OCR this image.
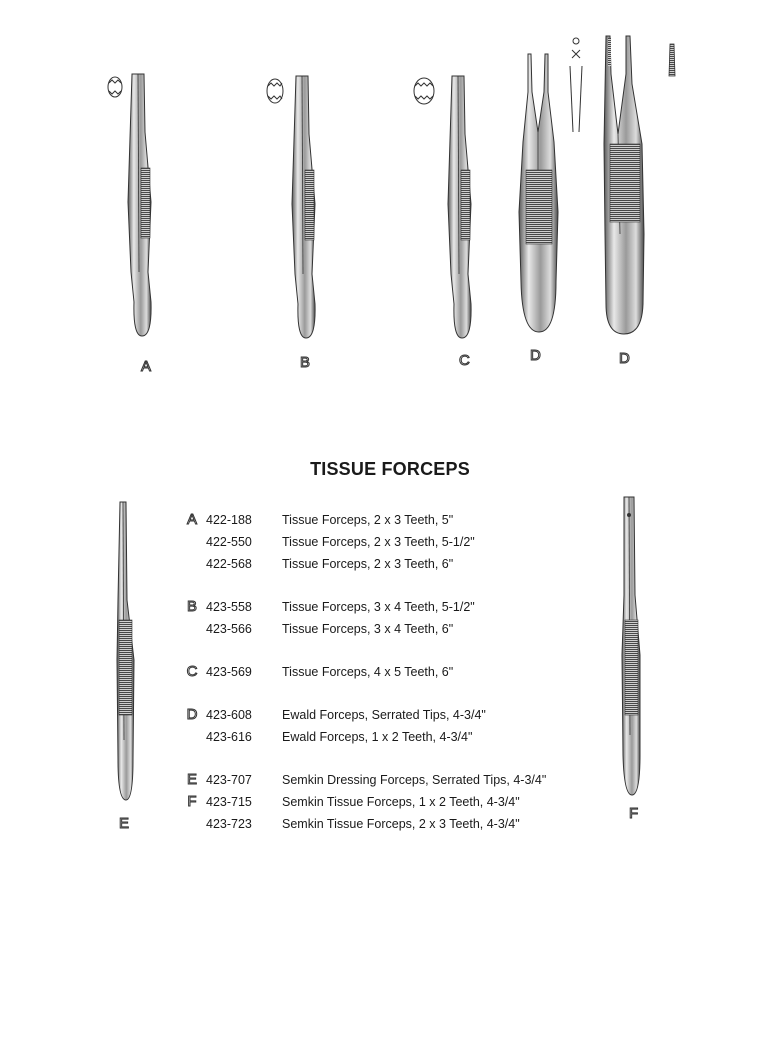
A	B	C	D	D
TISSUE FORCEPS
E
F
A 422-188	Tissue Forceps, 2 x 3 Teeth, 5"
422-550	Tissue Forceps, 2 x 3 Teeth, 5-1/2"
422-568	Tissue Forceps, 2 x 3 Teeth, 6"
B 423-558	Tissue Forceps, 3 x 4 Teeth, 5-1/2"
423-566	Tissue Forceps, 3 x 4 Teeth, 6"
C 423-569	Tissue Forceps, 4 x 5 Teeth, 6"
D 423-608	Ewald Forceps, Serrated Tips, 4-3/4"
423-616	Ewald Forceps, 1 x 2 Teeth, 4-3/4"
E 423-707	Semkin Dressing Forceps, Serrated Tips, 4-3/4"
F 423-715	Semkin Tissue Forceps, 1 x 2 Teeth, 4-3/4"
423-723	Semkin Tissue Forceps, 2 x 3 Teeth, 4-3/4"
